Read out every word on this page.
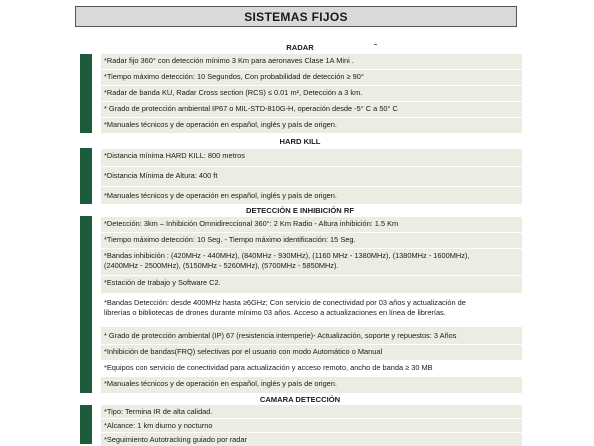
SISTEMAS FIJOS
RADAR
*Radar fijo 360° con detección mínimo 3 Km para aeronaves Clase 1A Mini .
*Tiempo máximo detección: 10 Segundos, Con probabilidad de detección ≥ 90°
*Radar de banda KU, Radar Cross section (RCS) ≤ 0.01 m², Detección a 3 km.
* Grado de protección ambiental IP67 o MIL-STD-810G-H, operación desde -5° C a 50° C
*Manuales técnicos y de operación en español, inglés y país de origen.
HARD KILL
*Distancia mínima HARD KILL: 800 metros
*Distancia Mínima de Altura: 400 ft
*Manuales técnicos y de operación en español, inglés y país de origen.
DETECCIÓN E INHIBICIÓN RF
*Detección: 3km – Inhibición Omnidireccional 360°: 2 Km Radio - Altura inhibición: 1.5 Km
*Tiempo máximo detección: 10 Seg. - Tiempo máximo identificación: 15 Seg.
*Bandas inhibición : (420MHz - 440MHz), (840MHz - 930MHz), (1160 MHz - 1380MHz), (1380MHz - 1600MHz),
(2400MHz - 2500MHz), (5150MHz - 5260MHz), (5700MHz - 5850MHz).
*Estación de trabajo y Software C2.
*Bandas Detección: desde 400MHz hasta ≥6GHz; Con servicio de conectividad por 03 años y actualización de
librerías o bibliotecas de drones durante mínimo 03 años. Acceso a actualizaciones en línea de librerías.
* Grado de protección ambiental (IP) 67 (resistencia intemperie)- Actualización, soporte y repuestos: 3 Años
*Inhibición de bandas(FRQ) selectivas por el usuario con modo Automático o Manual
*Equipos con servicio de conectividad para actualización y acceso remoto, ancho de banda ≥ 30 MB
*Manuales técnicos y de operación en español, inglés y país de origen.
CAMARA DETECCIÓN
*Tipo: Termina IR de alta calidad.
*Alcance: 1 km diurno y nocturno
*Seguimiento Autotracking guiado por radar
